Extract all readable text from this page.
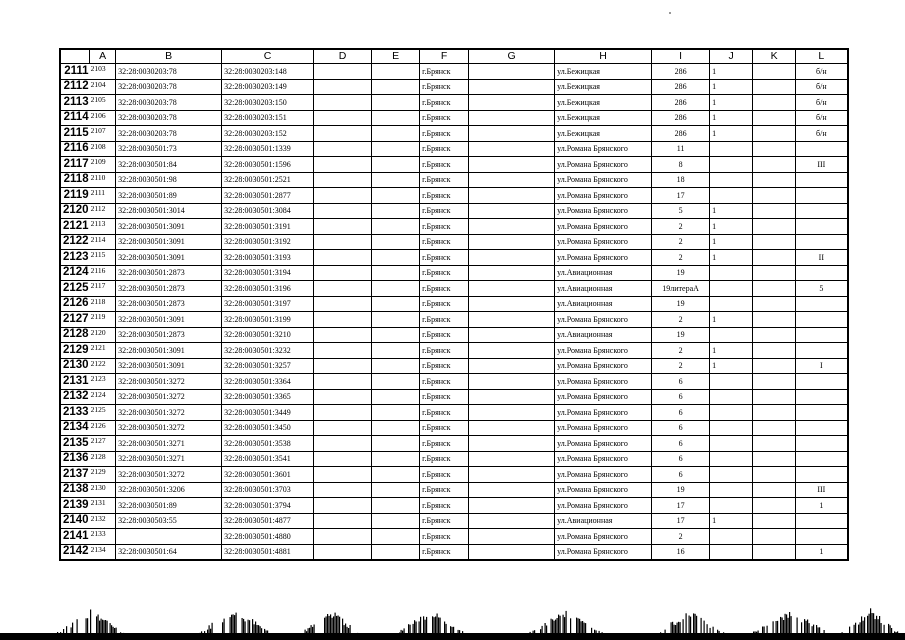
	A	B	C	D	E	F	G	H	I	J	K	L
2111	2103	32:28:0030203:78	32:28:0030203:148			г.Брянск		ул.Бежицкая	286	1		б/н
2112	2104	32:28:0030203:78	32:28:0030203:149			г.Брянск		ул.Бежицкая	286	1		б/н
2113	2105	32:28:0030203:78	32:28:0030203:150			г.Брянск		ул.Бежицкая	286	1		б/н
2114	2106	32:28:0030203:78	32:28:0030203:151			г.Брянск		ул.Бежицкая	286	1		б/н
2115	2107	32:28:0030203:78	32:28:0030203:152			г.Брянск		ул.Бежицкая	286	1		б/н
2116	2108	32:28:0030501:73	32:28:0030501:1339			г.Брянск		ул.Романа Брянского	11			
2117	2109	32:28:0030501:84	32:28:0030501:1596			г.Брянск		ул.Романа Брянского	8			III
2118	2110	32:28:0030501:98	32:28:0030501:2521			г.Брянск		ул.Романа Брянского	18			
2119	2111	32:28:0030501:89	32:28:0030501:2877			г.Брянск		ул.Романа Брянского	17			
2120	2112	32:28:0030501:3014	32:28:0030501:3084			г.Брянск		ул.Романа Брянского	5	1		
2121	2113	32:28:0030501:3091	32:28:0030501:3191			г.Брянск		ул.Романа Брянского	2	1		
2122	2114	32:28:0030501:3091	32:28:0030501:3192			г.Брянск		ул.Романа Брянского	2	1		
2123	2115	32:28:0030501:3091	32:28:0030501:3193			г.Брянск		ул.Романа Брянского	2	1		II
2124	2116	32:28:0030501:2873	32:28:0030501:3194			г.Брянск		ул.Авиационная	19			
2125	2117	32:28:0030501:2873	32:28:0030501:3196			г.Брянск		ул.Авиационная	19литераА			5
2126	2118	32:28:0030501:2873	32:28:0030501:3197			г.Брянск		ул.Авиационная	19			
2127	2119	32:28:0030501:3091	32:28:0030501:3199			г.Брянск		ул.Романа Брянского	2	1		
2128	2120	32:28:0030501:2873	32:28:0030501:3210			г.Брянск		ул.Авиационная	19			
2129	2121	32:28:0030501:3091	32:28:0030501:3232			г.Брянск		ул.Романа Брянского	2	1		
2130	2122	32:28:0030501:3091	32:28:0030501:3257			г.Брянск		ул.Романа Брянского	2	1		I
2131	2123	32:28:0030501:3272	32:28:0030501:3364			г.Брянск		ул.Романа Брянского	6			
2132	2124	32:28:0030501:3272	32:28:0030501:3365			г.Брянск		ул.Романа Брянского	6			
2133	2125	32:28:0030501:3272	32:28:0030501:3449			г.Брянск		ул.Романа Брянского	6			
2134	2126	32:28:0030501:3272	32:28:0030501:3450			г.Брянск		ул.Романа Брянского	6			
2135	2127	32:28:0030501:3271	32:28:0030501:3538			г.Брянск		ул.Романа Брянского	6			
2136	2128	32:28:0030501:3271	32:28:0030501:3541			г.Брянск		ул.Романа Брянского	6			
2137	2129	32:28:0030501:3272	32:28:0030501:3601			г.Брянск		ул.Романа Брянского	6			
2138	2130	32:28:0030501:3206	32:28:0030501:3703			г.Брянск		ул.Романа Брянского	19			III
2139	2131	32:28:0030501:89	32:28:0030501:3794			г.Брянск		ул.Романа Брянского	17			1
2140	2132	32:28:0030503:55	32:28:0030501:4877			г.Брянск		ул.Авиационная	17	1		
2141	2133		32:28:0030501:4880			г.Брянск		ул.Романа Брянского	2			
2142	2134	32:28:0030501:64	32:28:0030501:4881			г.Брянск		ул.Романа Брянского	16			1
